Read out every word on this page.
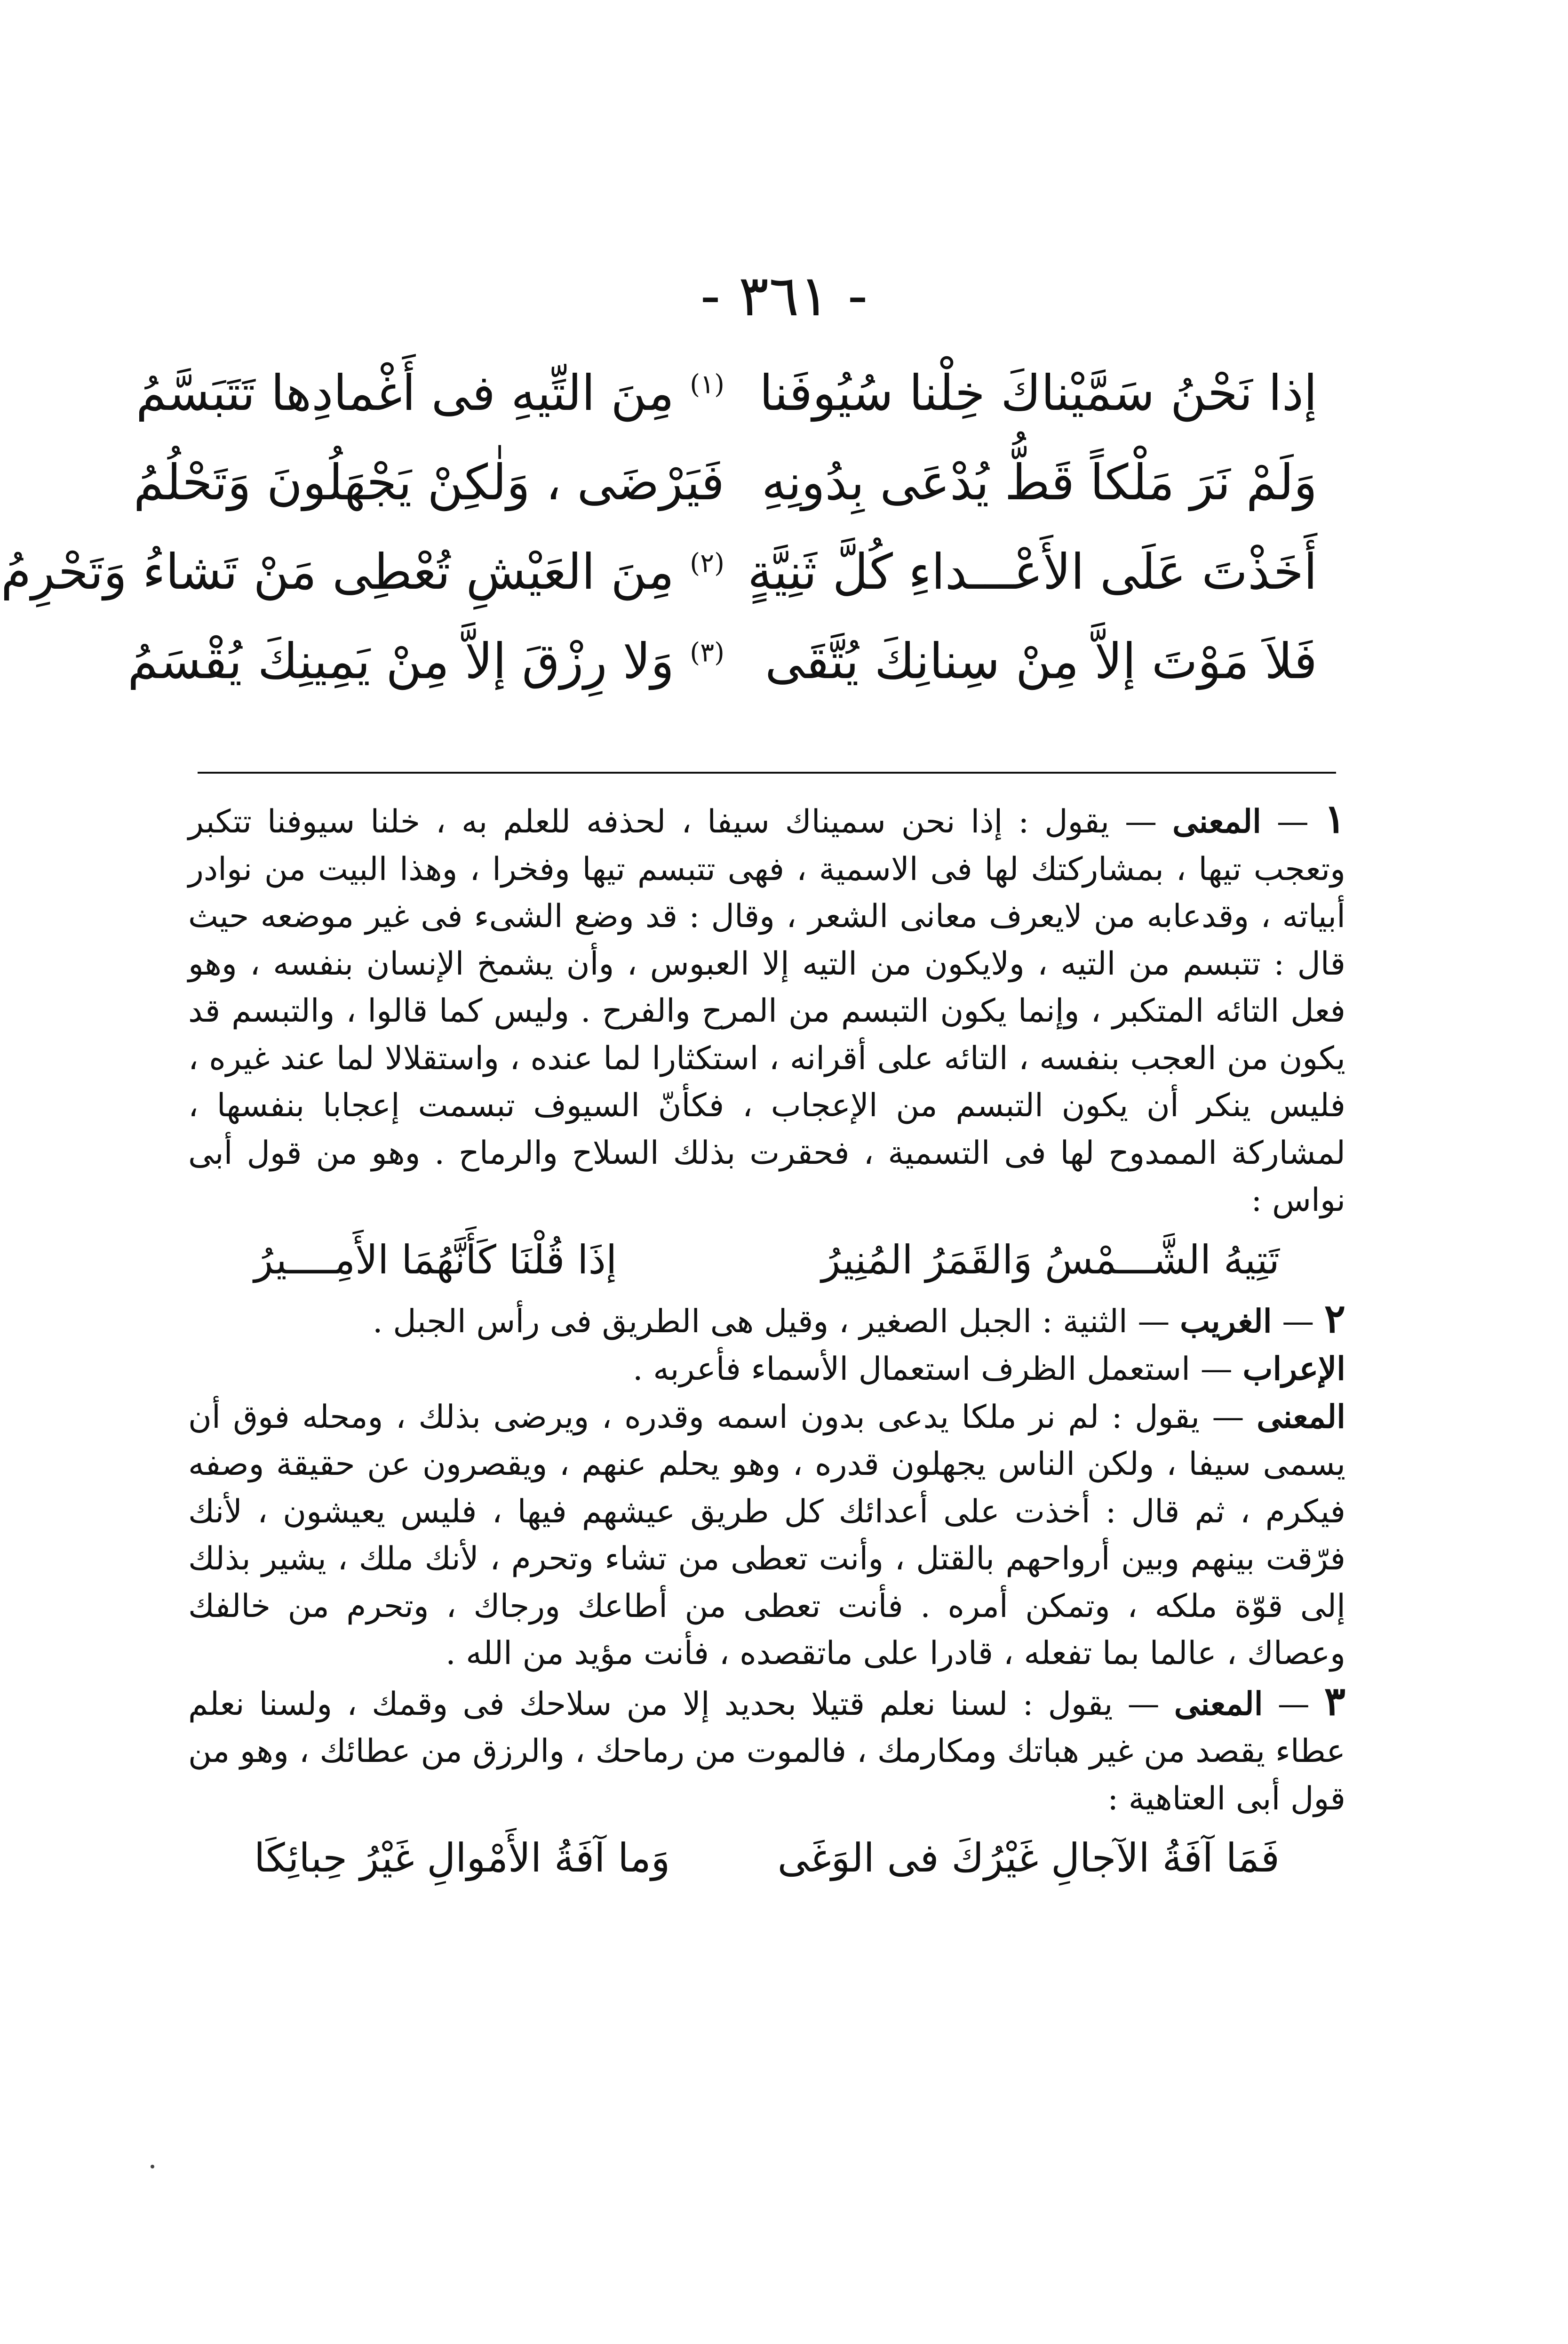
- ٣٦١ -
إذا نَحْنُ سَمَّيْناكَ خِلْنا سُيُوفَنا
$^{(١)}$ مِنَ التِّيهِ فى أَغْمادِها تَتَبَسَّمُ
وَلَمْ نَرَ مَلْكاً قَطُّ يُدْعَى بِدُونِهِ
فَيَرْضَى ، وَلٰكِنْ يَجْهَلُونَ وَتَحْلُمُ
أَخَذْتَ عَلَى الأَعْـــداءِ كُلَّ ثَنِيَّةٍ
$^{(٢)}$ مِنَ العَيْشِ تُعْطِى مَنْ تَشاءُ وَتَحْرِمُ
فَلاَ مَوْتَ إلاَّ مِنْ سِنانِكَ يُتَّقَى
$^{(٣)}$ وَلا رِزْقَ إلاَّ مِنْ يَمِينِكَ يُقْسَمُ

١ — المعنى — يقول : إذا نحن سميناك سيفا ، لحذفه للعلم به ، خلنا سيوفنا تتكبر وتعجب تيها ، بمشاركتك لها فى الاسمية ، فهى تتبسم تيها وفخرا ، وهذا البيت من نوادر أبياته ، وقدعابه من لايعرف معانى الشعر ، وقال : قد وضع الشىء فى غير موضعه حيث قال : تتبسم من التيه ، ولايكون من التيه إلا العبوس ، وأن يشمخ الإنسان بنفسه ، وهو فعل التائه المتكبر ، وإنما يكون التبسم من المرح والفرح . وليس كما قالوا ، والتبسم قد يكون من العجب بنفسه ، التائه على أقرانه ، استكثارا لما عنده ، واستقلالا لما عند غيره ، فليس ينكر أن يكون التبسم من الإعجاب ، فكأنّ السيوف تبسمت إعجابا بنفسها ، لمشاركة الممدوح لها فى التسمية ، فحقرت بذلك السلاح والرماح . وهو من قول أبى نواس :

تَتِيهُ الشَّـــمْسُ وَالقَمَرُ المُنِيرُ
إذَا قُلْنَا كَأَنَّهُمَا الأَمِــــيرُ

٢ — الغريب — الثنية : الجبل الصغير ، وقيل هى الطريق فى رأس الجبل .

الإعراب — استعمل الظرف استعمال الأسماء فأعربه .

المعنى — يقول : لم نر ملكا يدعى بدون اسمه وقدره ، ويرضى بذلك ، ومحله فوق أن يسمى سيفا ، ولكن الناس يجهلون قدره ، وهو يحلم عنهم ، ويقصرون عن حقيقة وصفه فيكرم ، ثم قال : أخذت على أعدائك كل طريق عيشهم فيها ، فليس يعيشون ، لأنك فرّقت بينهم وبين أرواحهم بالقتل ، وأنت تعطى من تشاء وتحرم ، لأنك ملك ، يشير بذلك إلى قوّة ملكه ، وتمكن أمره . فأنت تعطى من أطاعك ورجاك ، وتحرم من خالفك وعصاك ، عالما بما تفعله ، قادرا على ماتقصده ، فأنت مؤيد من الله .

٣ — المعنى — يقول : لسنا نعلم قتيلا بحديد إلا من سلاحك فى وقمك ، ولسنا نعلم عطاء يقصد من غير هباتك ومكارمك ، فالموت من رماحك ، والرزق من عطائك ، وهو من قول أبى العتاهية :

فَمَا آفَةُ الآجالِ غَيْرُكَ فى الوَغَى
وَما آفَةُ الأَمْوالِ غَيْرُ حِبائِكَا
